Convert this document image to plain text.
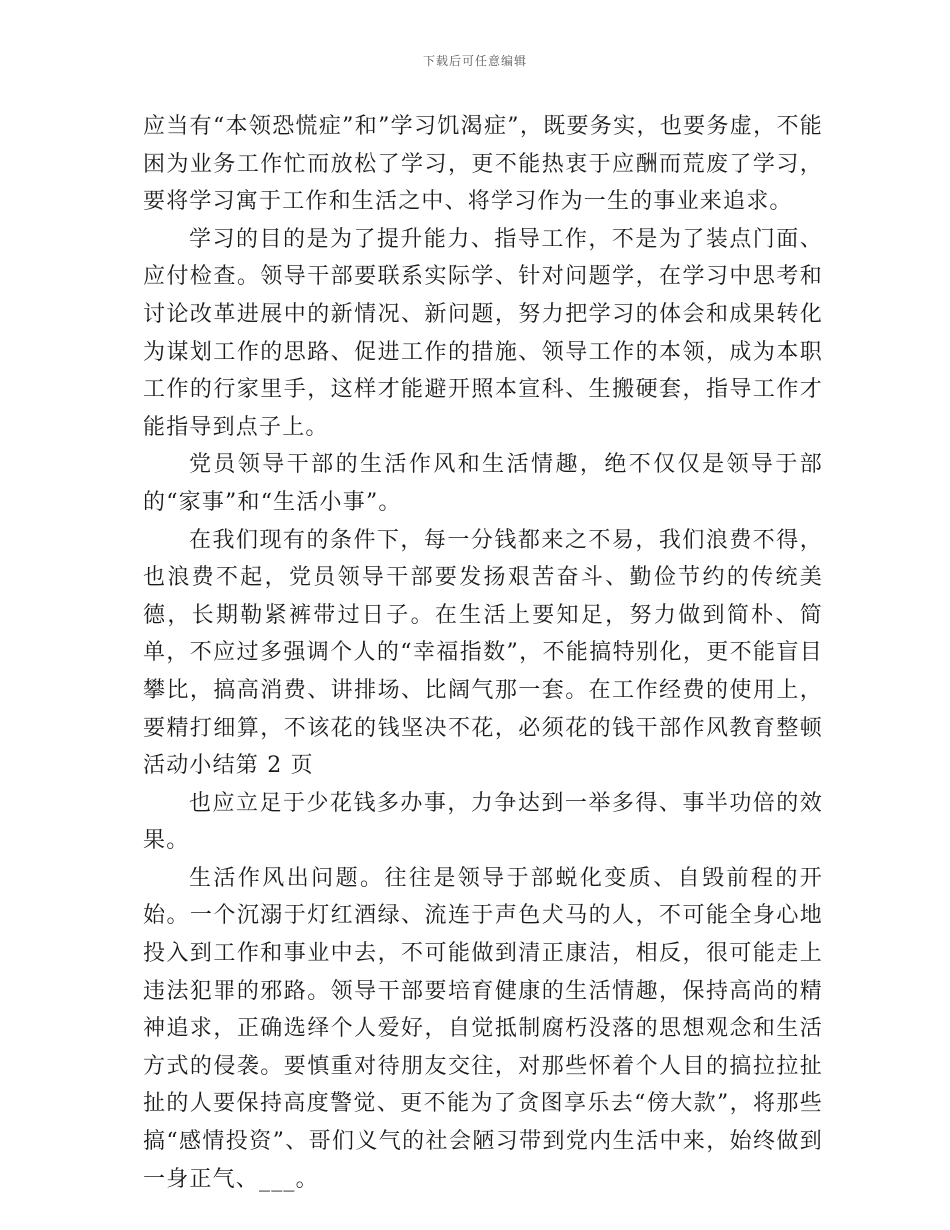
下载后可任意编辑

应当有“本领恐慌症”和”学习饥渴症”，既要务实，也要务虚，不能困为业务工作忙而放松了学习，更不能热衷于应酬而荒废了学习，要将学习寓于工作和生活之中、将学习作为一生的事业来追求。

学习的目的是为了提升能力、指导工作，不是为了装点门面、应付检查。领导干部要联系实际学、针对问题学，在学习中思考和讨论改革进展中的新情况、新问题，努力把学习的体会和成果转化为谋划工作的思路、促进工作的措施、领导工作的本领，成为本职工作的行家里手，这样才能避开照本宣科、生搬硬套，指导工作才能指导到点子上。

党员领导干部的生活作风和生活情趣，绝不仅仅是领导于部的“家事”和“生活小事”。

在我们现有的条件下，每一分钱都来之不易，我们浪费不得，也浪费不起，党员领导干部要发扬艰苦奋斗、勤俭节约的传统美德，长期勒紧裤带过日子。在生活上要知足，努力做到简朴、简单，不应过多强调个人的“幸福指数”，不能搞特别化，更不能盲目攀比，搞高消费、讲排场、比阔气那一套。在工作经费的使用上，要精打细算，不该花的钱坚决不花，必须花的钱干部作风教育整顿活动小结第 2 页

也应立足于少花钱多办事，力争达到一举多得、事半功倍的效果。

生活作风出问题。往往是领导于部蜕化变质、自毁前程的开始。一个沉溺于灯红酒绿、流连于声色犬马的人，不可能全身心地投入到工作和事业中去，不可能做到清正康洁，相反，很可能走上违法犯罪的邪路。领导干部要培育健康的生活情趣，保持高尚的精神追求，正确选绎个人爱好，自觉抵制腐朽没落的思想观念和生活方式的侵袭。要慎重对待朋友交往，对那些怀着个人目的搞拉拉扯扯的人要保持高度警觉、更不能为了贪图享乐去“傍大款”，将那些搞“感情投资”、哥们义气的社会陋习带到党内生活中来，始终做到一身正气、___。
